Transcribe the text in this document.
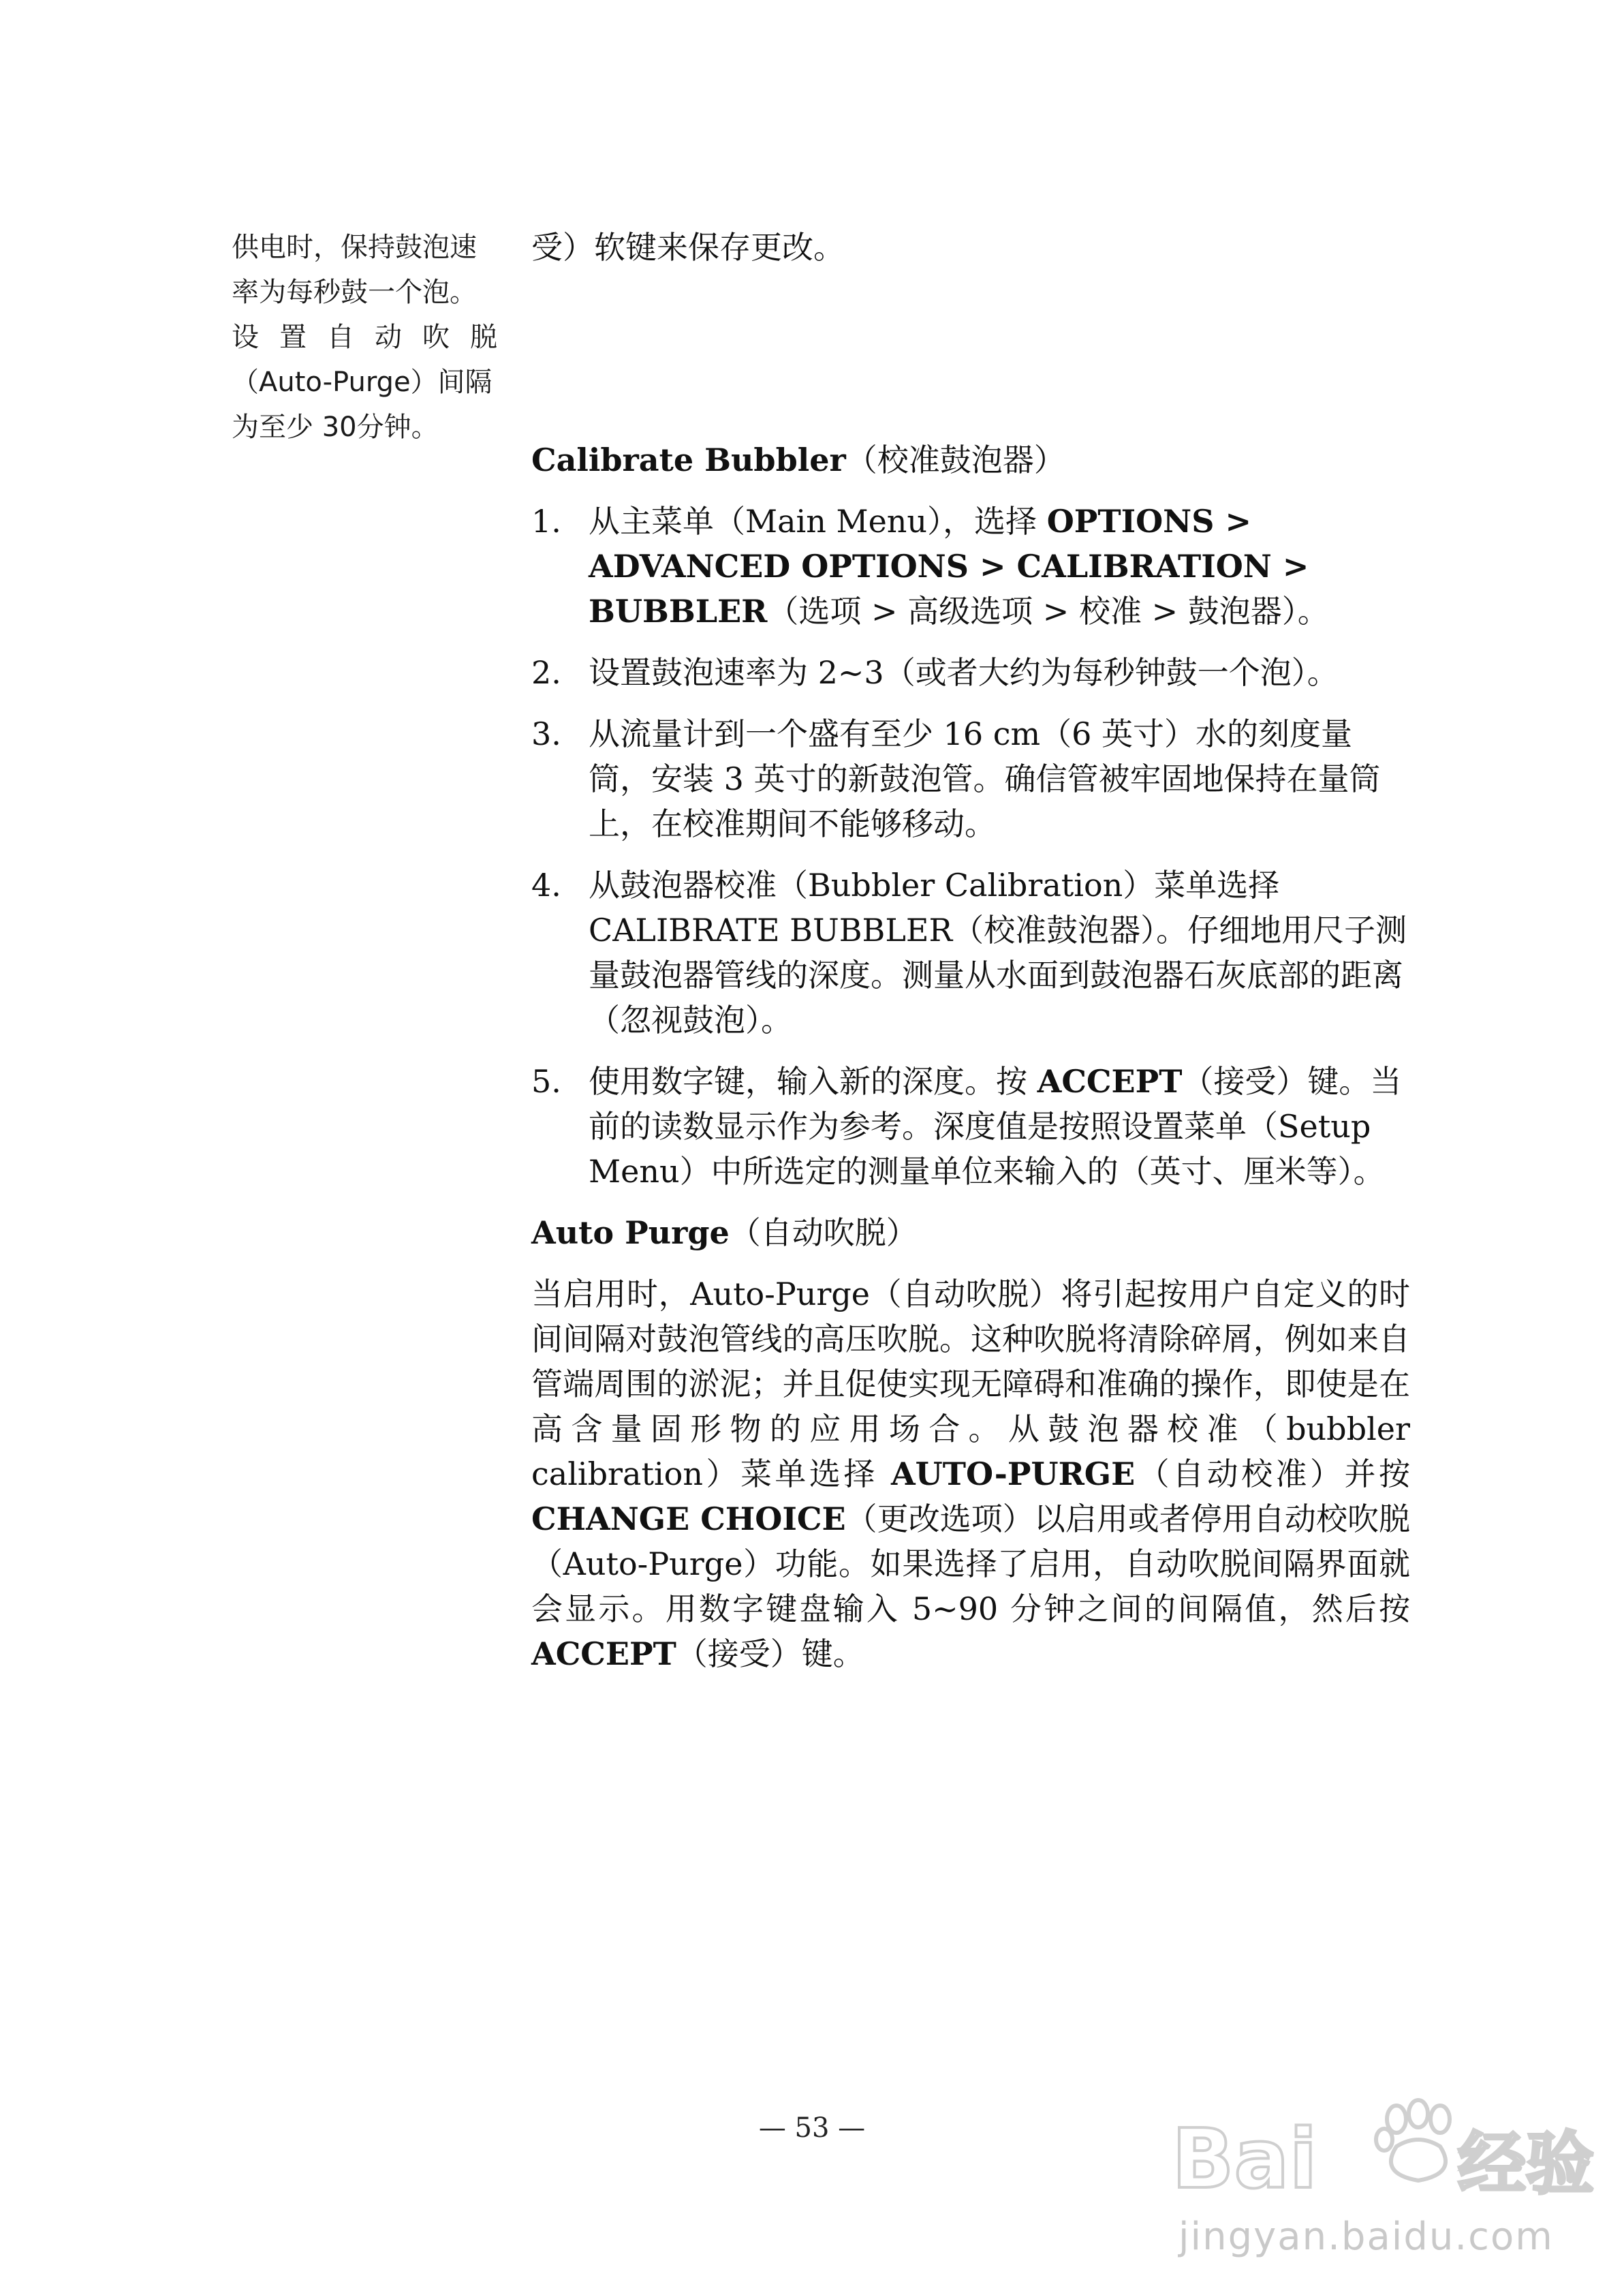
供电时，保持鼓泡速
率为每秒鼓一个泡。
设置自动吹脱
（Auto-Purge）间隔
为至少 30分钟。

受）软键来保存更改。

Calibrate Bubbler（校准鼓泡器）
1. 从主菜单（Main Menu），选择 OPTIONS > ADVANCED OPTIONS > CALIBRATION > BUBBLER（选项 > 高级选项 > 校准 > 鼓泡器）。
2. 设置鼓泡速率为 2~3（或者大约为每秒钟鼓一个泡）。
3. 从流量计到一个盛有至少 16 cm（6 英寸）水的刻度量筒，安装 3 英寸的新鼓泡管。确信管被牢固地保持在量筒上，在校准期间不能够移动。
4. 从鼓泡器校准（Bubbler Calibration）菜单选择 CALIBRATE BUBBLER（校准鼓泡器）。仔细地用尺子测量鼓泡器管线的深度。测量从水面到鼓泡器石灰底部的距离（忽视鼓泡）。
5. 使用数字键，输入新的深度。按 ACCEPT（接受）键。当前的读数显示作为参考。深度值是按照设置菜单（Setup Menu）中所选定的测量单位来输入的（英寸、厘米等）。
Auto Purge（自动吹脱）

当启用时，Auto-Purge（自动吹脱）将引起按用户自定义的时间间隔对鼓泡管线的高压吹脱。这种吹脱将清除碎屑，例如来自管端周围的淤泥；并且促使实现无障碍和准确的操作，即使是在高含量固形物的应用场合。从鼓泡器校准（bubbler calibration）菜单选择 AUTO-PURGE（自动校准）并按 CHANGE CHOICE（更改选项）以启用或者停用自动校吹脱（Auto-Purge）功能。如果选择了启用，自动吹脱间隔界面就会显示。用数字键盘输入 5~90 分钟之间的间隔值，然后按 ACCEPT（接受）键。

— 53 —	Bai 经验
jingyan.baidu.com
